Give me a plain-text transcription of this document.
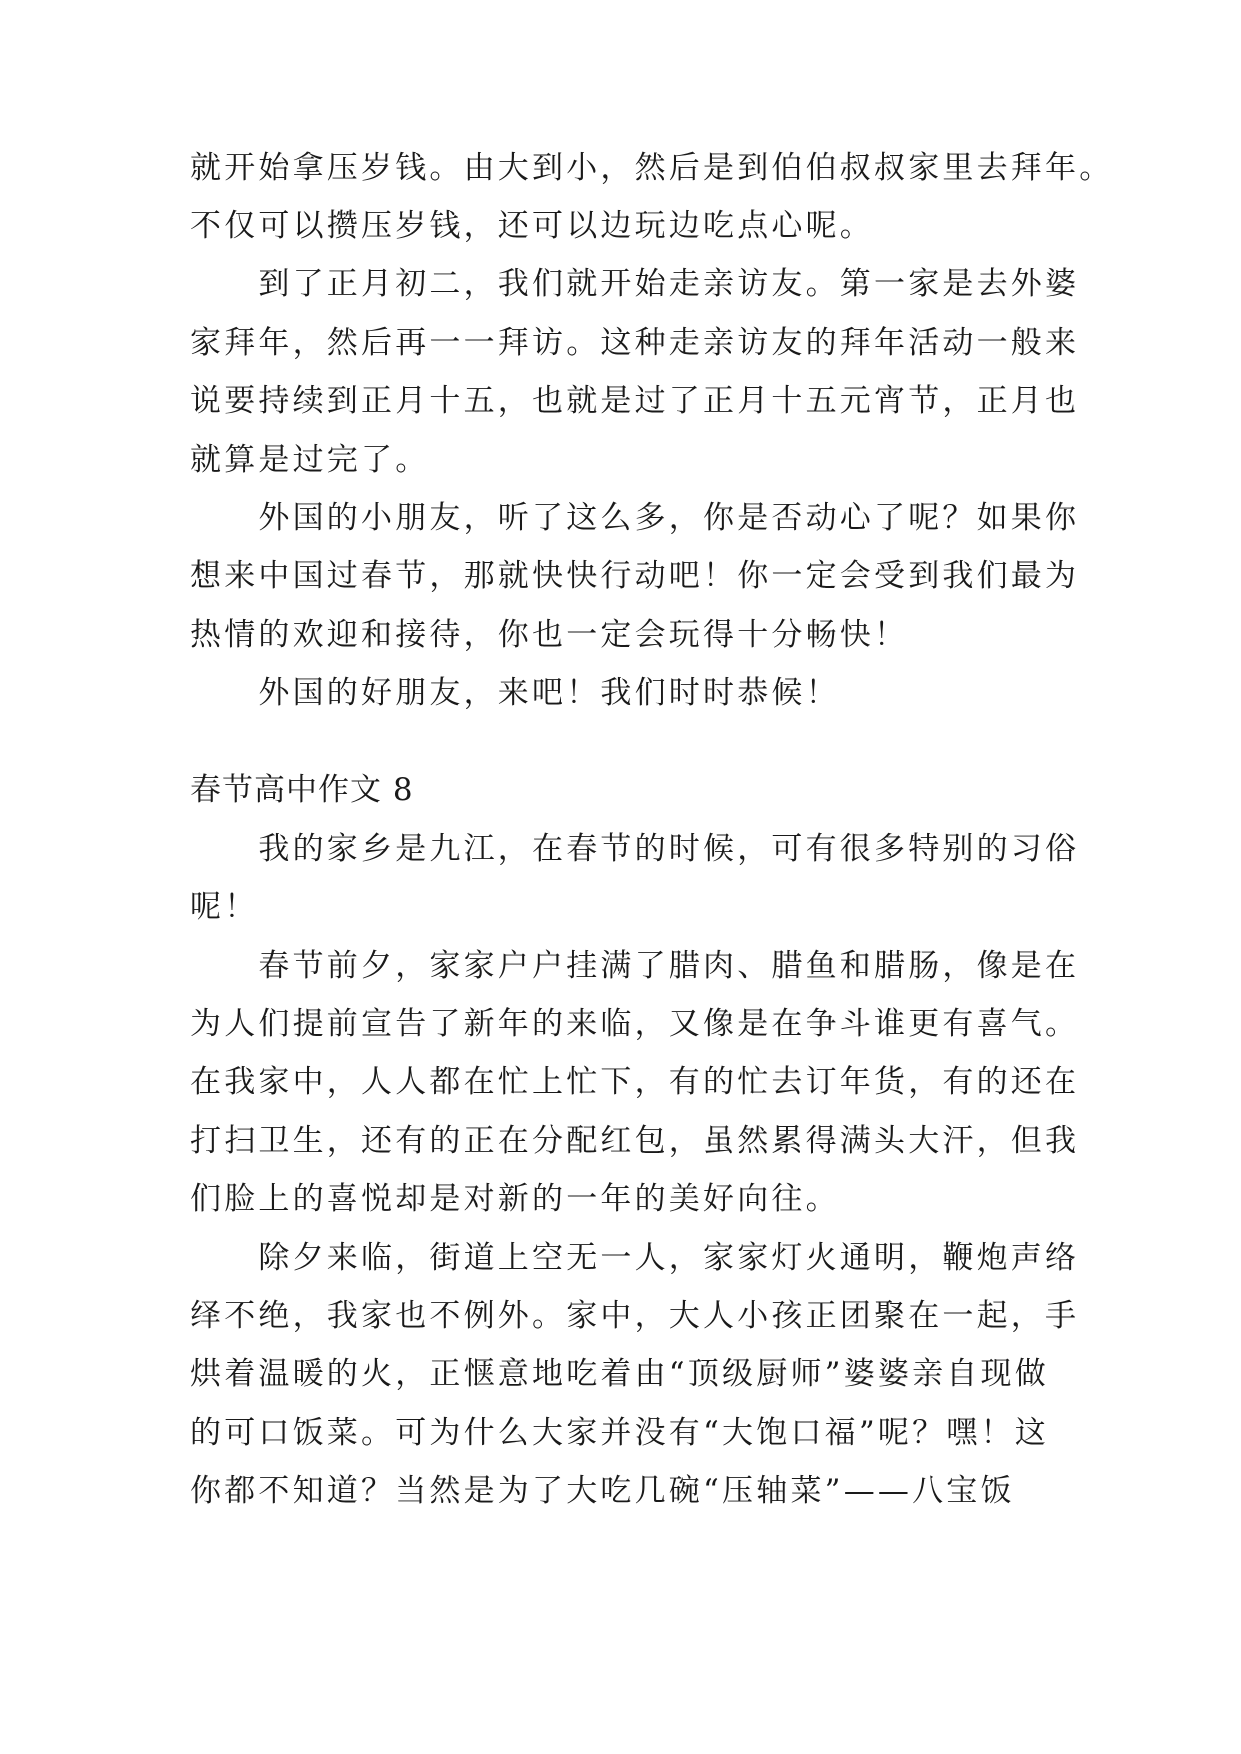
就开始拿压岁钱。由大到小，然后是到伯伯叔叔家里去拜年。
不仅可以攒压岁钱，还可以边玩边吃点心呢。
　　到了正月初二，我们就开始走亲访友。第一家是去外婆
家拜年，然后再一一拜访。这种走亲访友的拜年活动一般来
说要持续到正月十五，也就是过了正月十五元宵节，正月也
就算是过完了。
　　外国的小朋友，听了这么多，你是否动心了呢？如果你
想来中国过春节，那就快快行动吧！你一定会受到我们最为
热情的欢迎和接待，你也一定会玩得十分畅快！
　　外国的好朋友，来吧！我们时时恭候！
春节高中作文 8
　　我的家乡是九江，在春节的时候，可有很多特别的习俗
呢！
　　春节前夕，家家户户挂满了腊肉、腊鱼和腊肠，像是在
为人们提前宣告了新年的来临，又像是在争斗谁更有喜气。
在我家中，人人都在忙上忙下，有的忙去订年货，有的还在
打扫卫生，还有的正在分配红包，虽然累得满头大汗，但我
们脸上的喜悦却是对新的一年的美好向往。
　　除夕来临，街道上空无一人，家家灯火通明，鞭炮声络
绎不绝，我家也不例外。家中，大人小孩正团聚在一起，手
烘着温暖的火，正惬意地吃着由“顶级厨师”婆婆亲自现做
的可口饭菜。可为什么大家并没有“大饱口福”呢？嘿！这
你都不知道？当然是为了大吃几碗“压轴菜”——八宝饭
